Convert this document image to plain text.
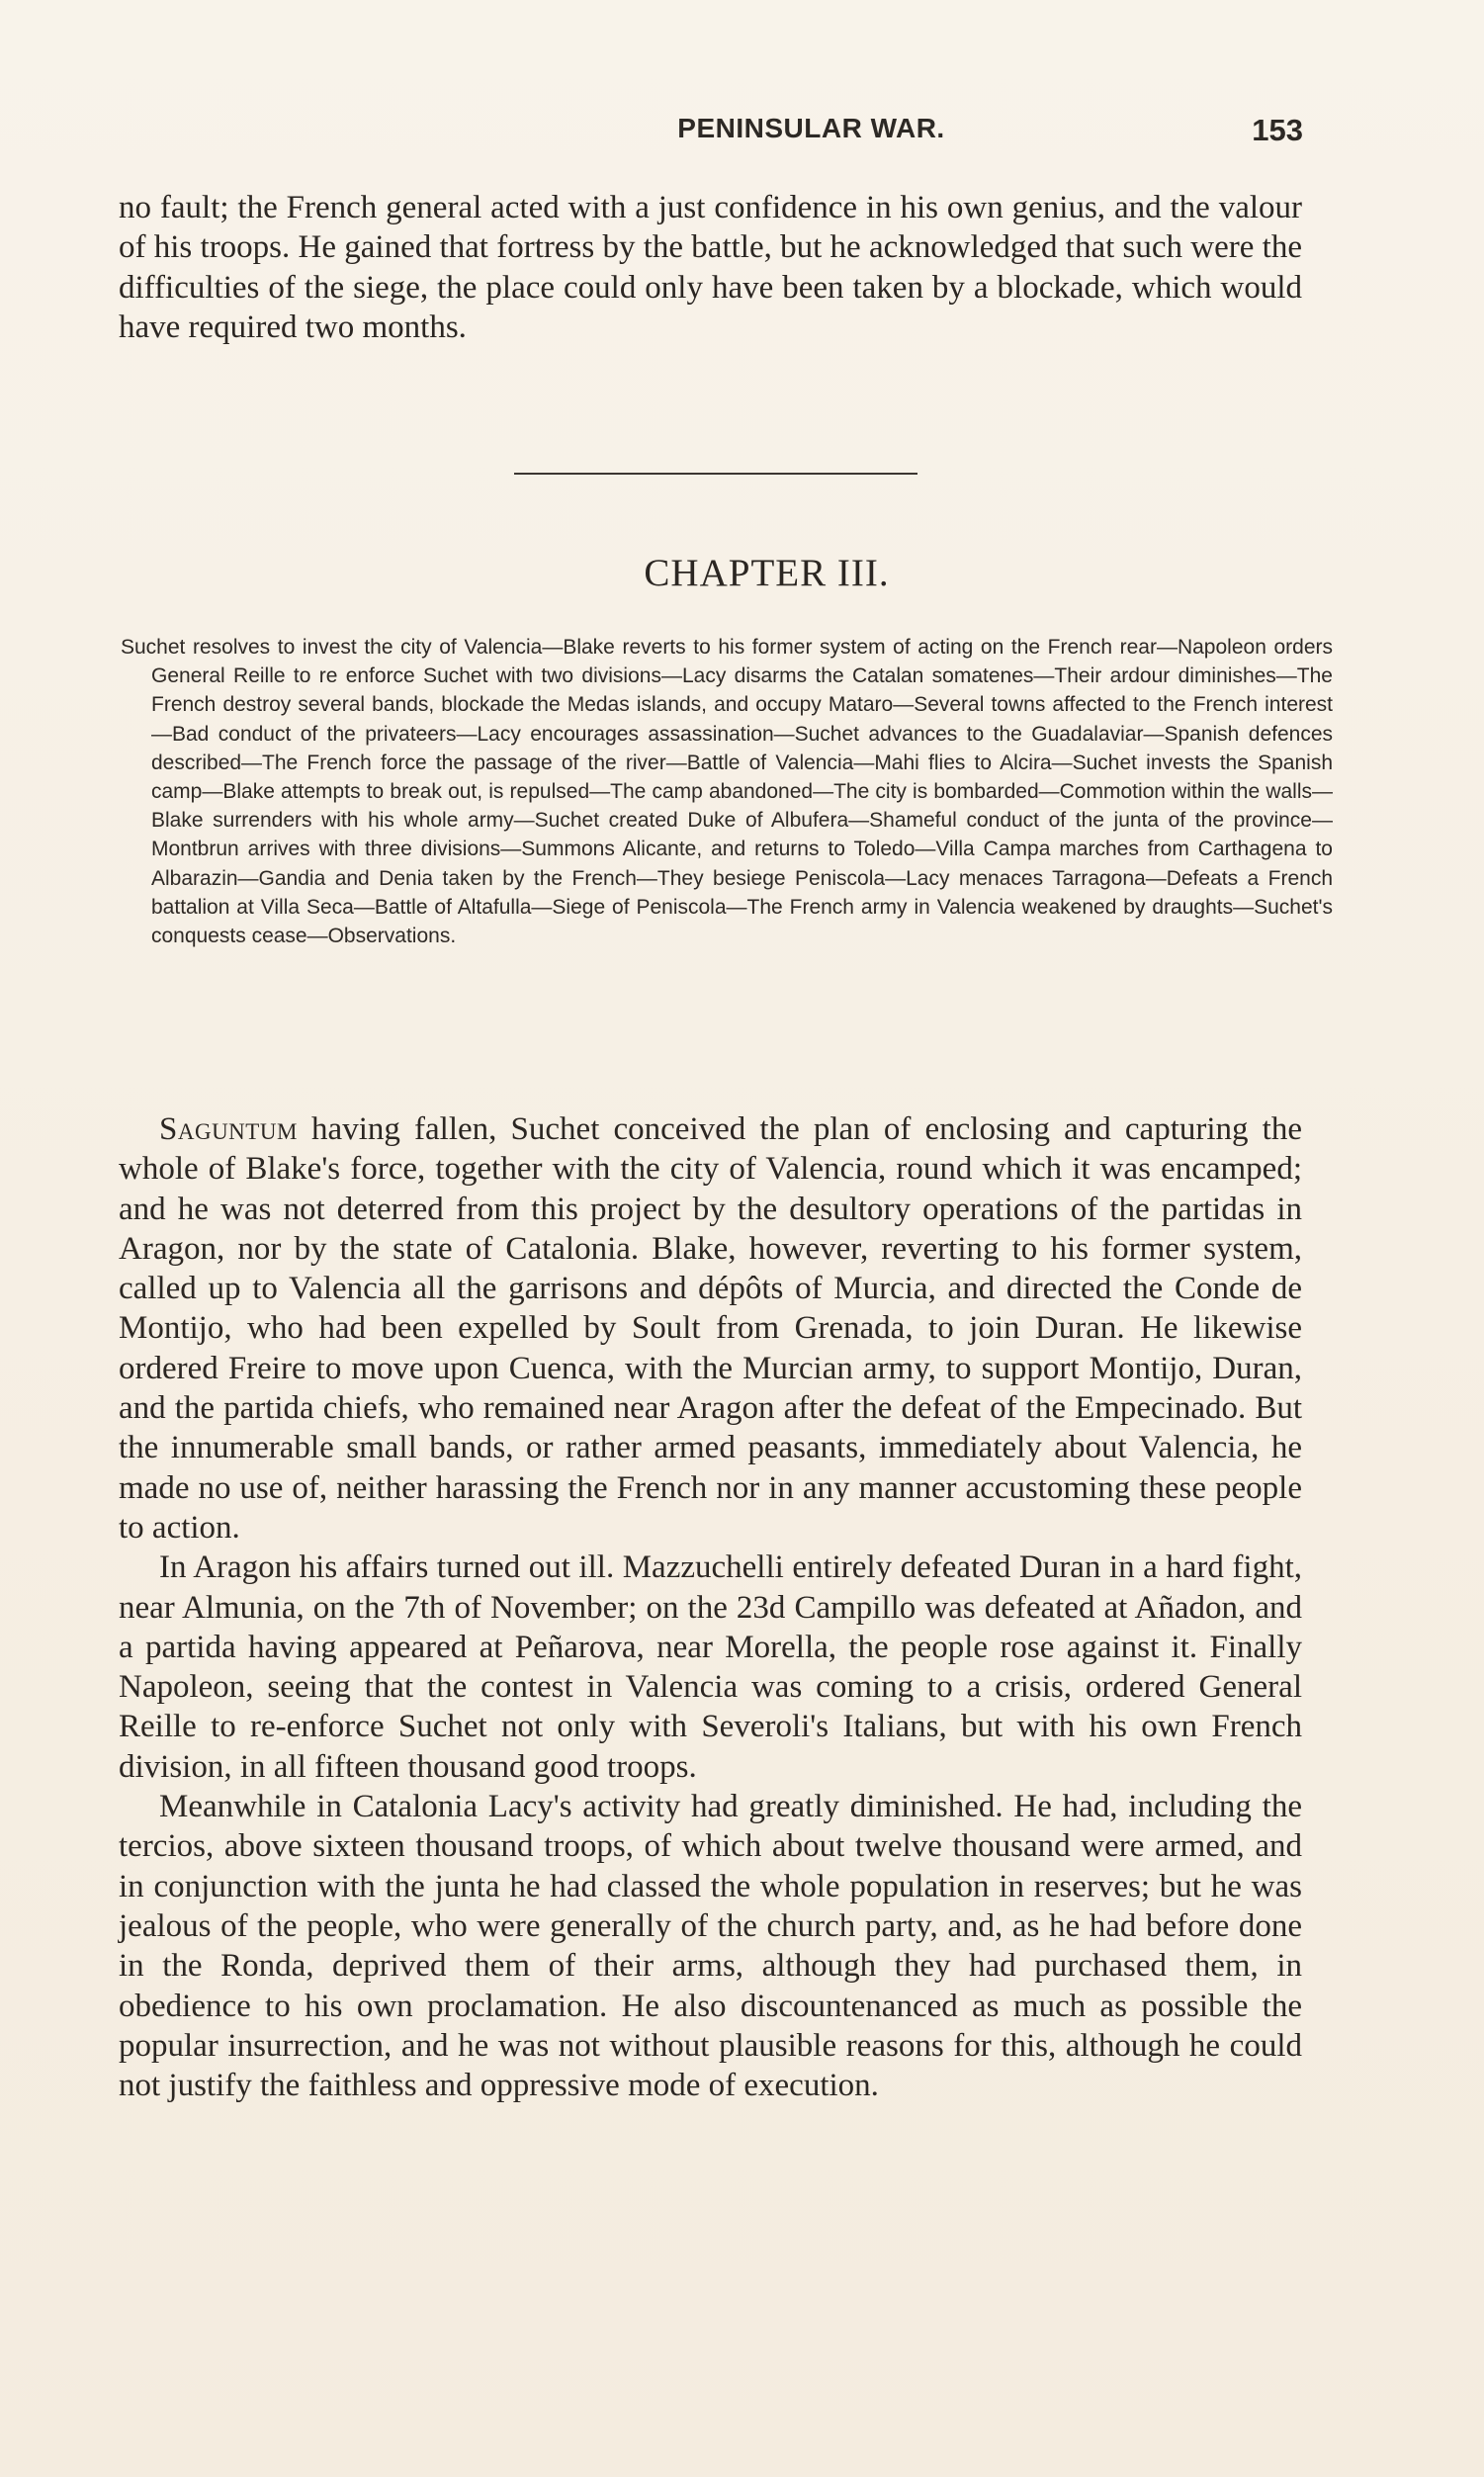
PENINSULAR WAR.	153

no fault; the French general acted with a just confidence in his own genius, and the valour of his troops. He gained that fortress by the battle, but he acknowledged that such were the difficulties of the siege, the place could only have been taken by a blockade, which would have required two months.

CHAPTER III.

Suchet resolves to invest the city of Valencia—Blake reverts to his former system of acting on the French rear—Napoleon orders General Reille to re enforce Suchet with two divisions—Lacy disarms the Catalan somatenes—Their ardour diminishes—The French destroy several bands, blockade the Medas islands, and occupy Mataro—Several towns affected to the French interest—Bad conduct of the privateers—Lacy encourages assassination—Suchet advances to the Guadalaviar—Spanish defences described—The French force the passage of the river—Battle of Valencia—Mahi flies to Alcira—Suchet invests the Spanish camp—Blake attempts to break out, is repulsed—The camp abandoned—The city is bombarded—Commotion within the walls—Blake surrenders with his whole army—Suchet created Duke of Albufera—Shameful conduct of the junta of the province—Montbrun arrives with three divisions—Summons Alicante, and returns to Toledo—Villa Campa marches from Carthagena to Albarazin—Gandia and Denia taken by the French—They besiege Peniscola—Lacy menaces Tarragona—Defeats a French battalion at Villa Seca—Battle of Altafulla—Siege of Peniscola—The French army in Valencia weakened by draughts—Suchet's conquests cease—Observations.

Saguntum having fallen, Suchet conceived the plan of enclosing and capturing the whole of Blake's force, together with the city of Valencia, round which it was encamped; and he was not deterred from this project by the desultory operations of the partidas in Aragon, nor by the state of Catalonia. Blake, however, reverting to his former system, called up to Valencia all the garrisons and dépôts of Murcia, and directed the Conde de Montijo, who had been expelled by Soult from Grenada, to join Duran. He likewise ordered Freire to move upon Cuenca, with the Murcian army, to support Montijo, Duran, and the partida chiefs, who remained near Aragon after the defeat of the Empecinado. But the innumerable small bands, or rather armed peasants, immediately about Valencia, he made no use of, neither harassing the French nor in any manner accustoming these people to action.

In Aragon his affairs turned out ill. Mazzuchelli entirely defeated Duran in a hard fight, near Almunia, on the 7th of November; on the 23d Campillo was defeated at Añadon, and a partida having appeared at Peñarova, near Morella, the people rose against it. Finally Napoleon, seeing that the contest in Valencia was coming to a crisis, ordered General Reille to re-enforce Suchet not only with Severoli's Italians, but with his own French division, in all fifteen thousand good troops.

Meanwhile in Catalonia Lacy's activity had greatly diminished. He had, including the tercios, above sixteen thousand troops, of which about twelve thousand were armed, and in conjunction with the junta he had classed the whole population in reserves; but he was jealous of the people, who were generally of the church party, and, as he had before done in the Ronda, deprived them of their arms, although they had purchased them, in obedience to his own proclamation. He also discountenanced as much as possible the popular insurrection, and he was not without plausible reasons for this, although he could not justify the faithless and oppressive mode of execution.
